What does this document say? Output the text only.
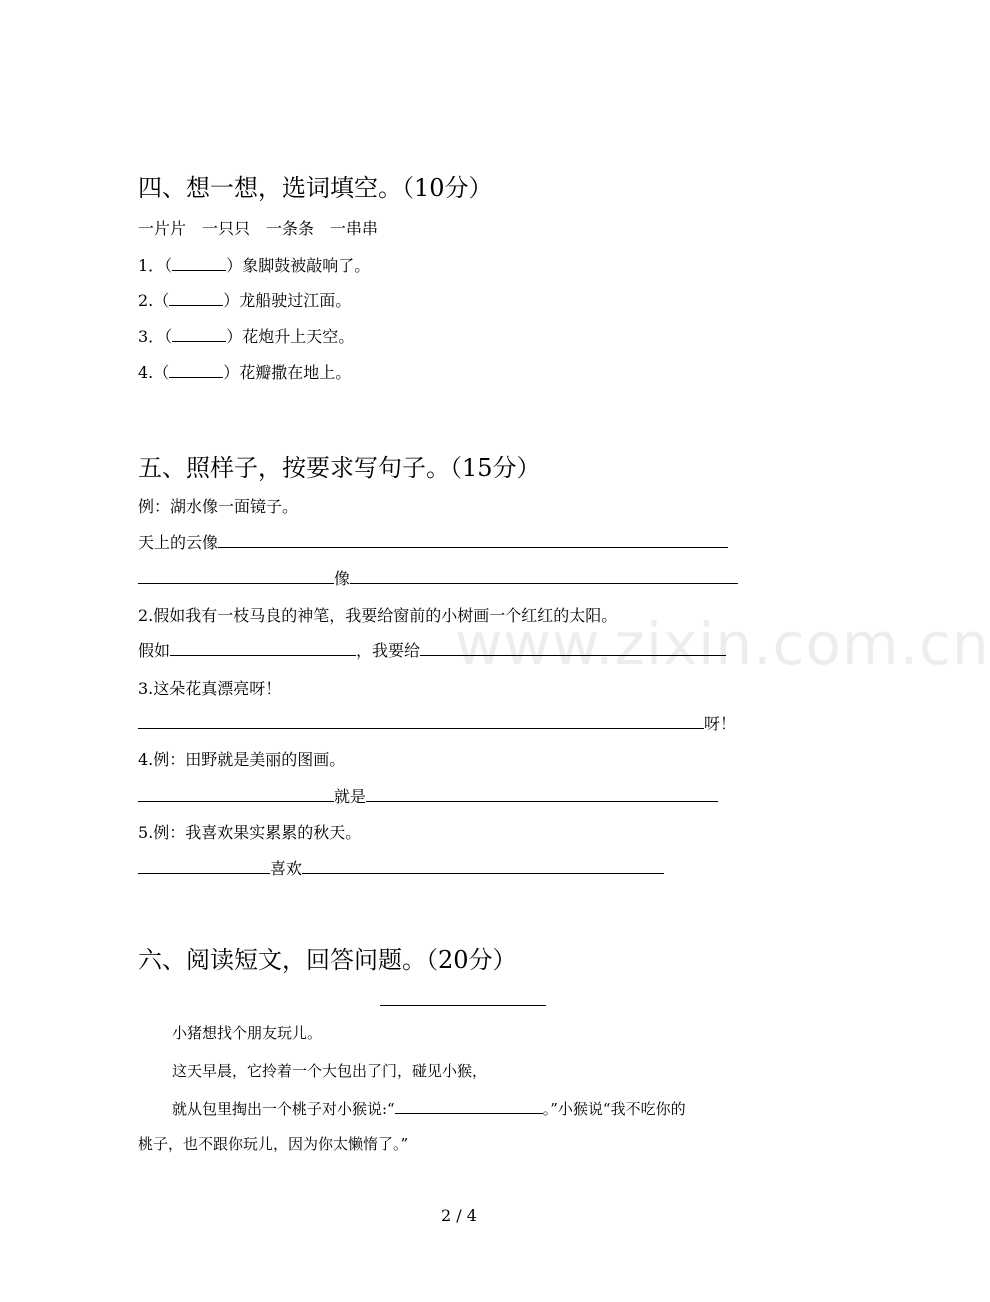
www.zixin.com.cn
四、想一想，选词填空。（10分）
一片片　一只只　一条条　一串串
1．（	）象脚鼓被敲响了。
2.（	）龙船驶过江面。
3．（	）花炮升上天空。
4.（	）花瓣撒在地上。
五、照样子，按要求写句子。（15分）
例：湖水像一面镜子。
天上的云像
像
2.假如我有一枝马良的神笔，我要给窗前的小树画一个红红的太阳。
假如	，我要给
3.这朵花真漂亮呀！
呀！
4.例：田野就是美丽的图画。
就是
5.例：我喜欢果实累累的秋天。
喜欢
六、阅读短文，回答问题。（20分）
小猪想找个朋友玩儿。
这天早晨，它拎着一个大包出了门，碰见小猴，
就从包里掏出一个桃子对小猴说:“	。”小猴说“我不吃你的
桃子，也不跟你玩儿，因为你太懒惰了。”
2 / 4
